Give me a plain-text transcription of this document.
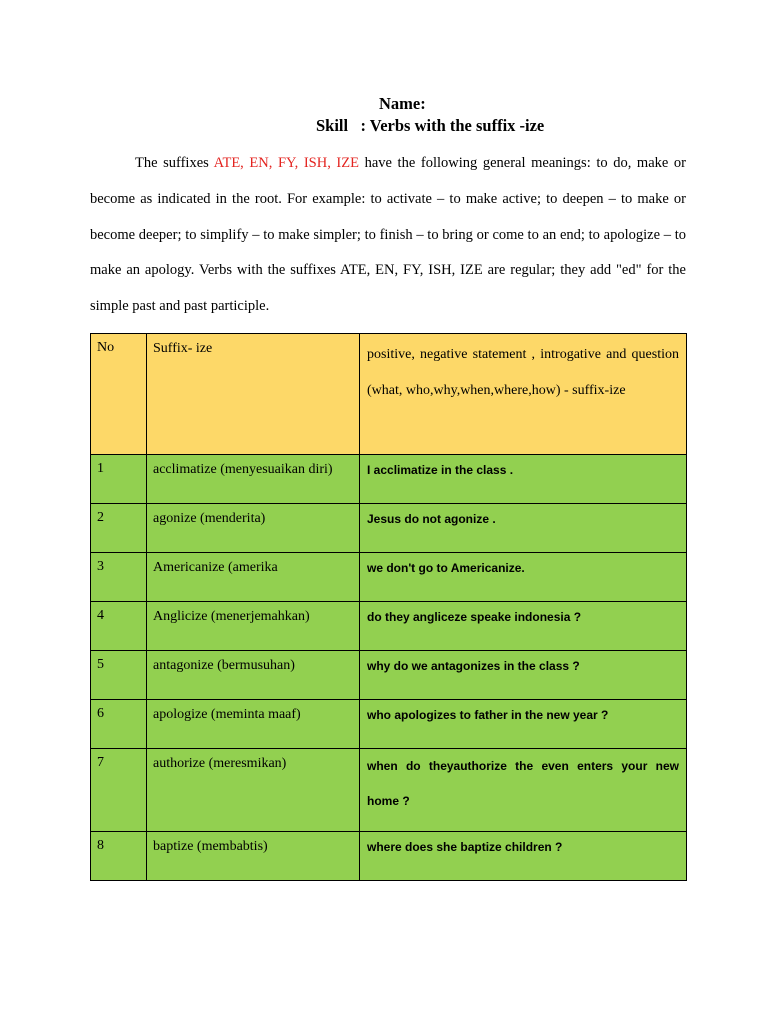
Name:
Skill   : Verbs with the suffix -ize

The suffixes ATE, EN, FY, ISH, IZE have the following general meanings: to do, make or become as indicated in the root. For example: to activate – to make active; to deepen – to make or become deeper; to simplify – to make simpler; to finish – to bring or come to an end; to apologize – to make an apology. Verbs with the suffixes ATE, EN, FY, ISH, IZE are regular; they add "ed" for the simple past and past participle.

No	Suffix- ize	positive, negative statement , introgative and question (what, who,why,when,where,how) - suffix-ize

1	acclimatize (menyesuaikan diri)	I acclimatize in the class .

2	agonize (menderita)	Jesus do not agonize .

3	Americanize (amerika	we don't go to Americanize.

4	Anglicize (menerjemahkan)	do they angliceze speake indonesia ?

5	antagonize (bermusuhan)	why do we antagonizes in the class ?

6	apologize (meminta maaf)	who apologizes to father in the new year ?

7	authorize (meresmikan)	when do theyauthorize the even enters your new home ?

8	baptize (membabtis)	where does she baptize children ?
